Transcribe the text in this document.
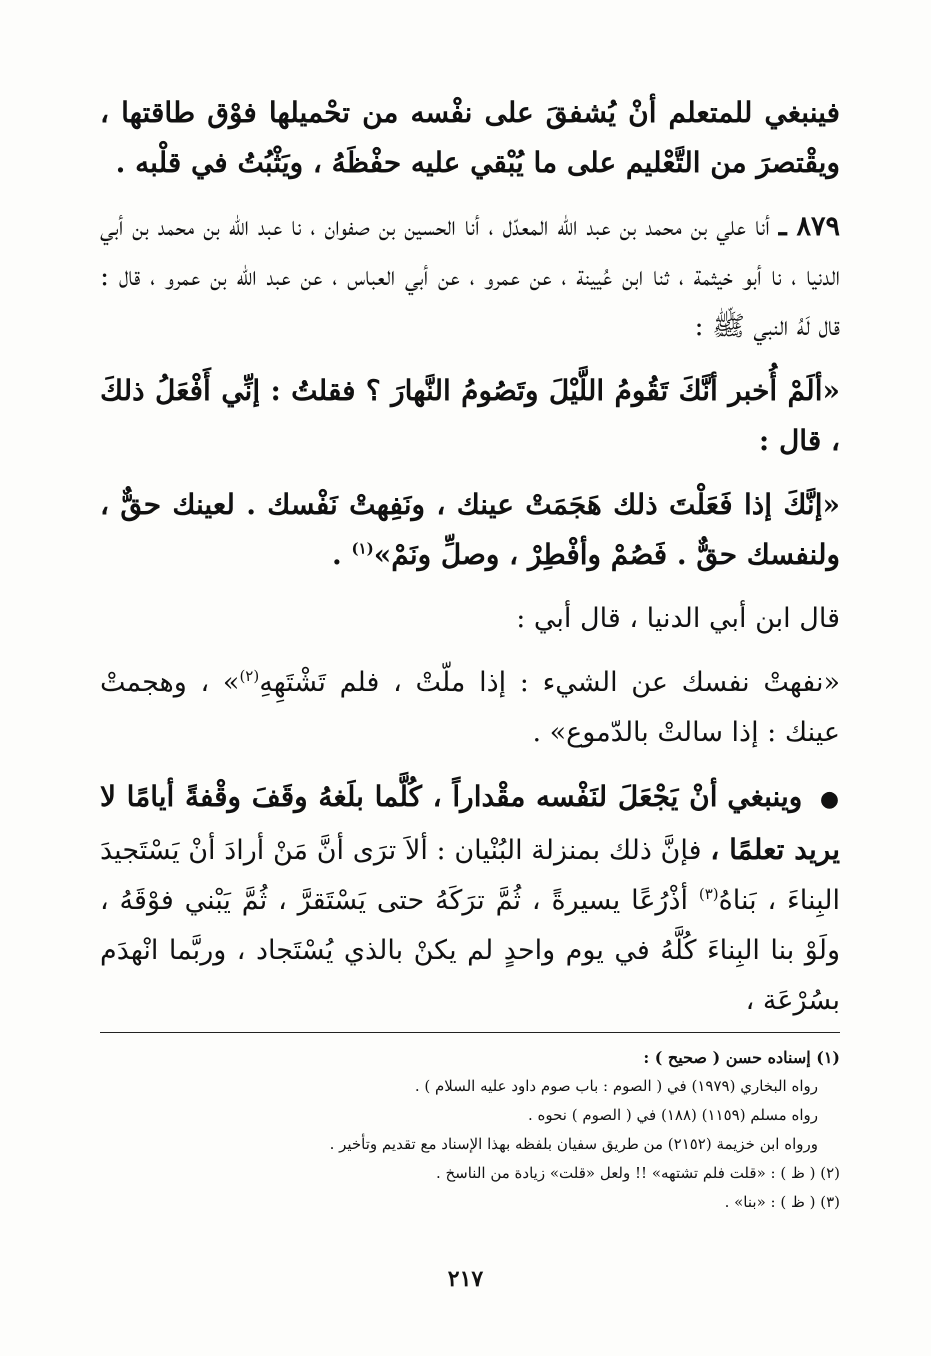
فينبغي للمتعلم أنْ يُشفقَ على نفْسه من تحْميلها فوْق طاقتها ، ويقْتصرَ من التَّعْليم على ما يُبْقي عليه حفْظَهُ ، ويَثْبُتُ في قلْبه .

٨٧٩ ـ أنا علي بن محمد بن عبد الله المعدّل ، أنا الحسين بن صفوان ، نا عبد الله بن محمد بن أبي الدنيا ، نا أبو خيثمة ، ثنا ابن عُيينة ، عن عمرو ، عن أبي العباس ، عن عبد الله بن عمرو ، قال : قال لَهُ النبي ﷺ :

«ألَمْ أُخبر أنَّكَ تَقُومُ اللَّيْلَ وتَصُومُ النَّهارَ ؟ فقلتُ : إنِّي أَفْعَلُ ذلكَ ، قال :

«إنَّكَ إذا فَعَلْتَ ذلك هَجَمَتْ عينك ، ونَفِهتْ نَفْسك . لعينك حقٌّ ، ولنفسك حقٌّ . فَصُمْ وأفْطِرْ ، وصلِّ ونَمْ»$^{(١)}$ .

قال ابن أبي الدنيا ، قال أبي :

«نفهتْ نفسك عن الشيء : إذا ملّتْ ، فلم تَشْتَهِهِ$^{(٢)}$» ، وهجمتْ عينك : إذا سالتْ بالدّموع» .

● وينبغي أنْ يَجْعَلَ لنَفْسه مقْداراً ، كُلَّما بلَغهُ وقَفَ وقْفةً أيامًا لا يريد تعلمًا ، فإنَّ ذلك بمنزلة البُنْيان : ألاَ ترَى أنَّ مَنْ أرادَ أنْ يَسْتَجيدَ البِناءَ ، بَناهُ$^{(٣)}$ أذْرُعًا يسيرةً ، ثُمَّ ترَكَهُ حتى يَسْتَقرَّ ، ثُمَّ يَبْني فوْقَهُ ، ولَوْ بنا البِناءَ كُلَّهُ في يوم واحدٍ لم يكنْ بالذي يُسْتَجاد ، وربَّما انْهدَم بسُرْعَة ،

(١) إسناده حسن ( صحيح ) :

رواه البخاري (١٩٧٩) في ( الصوم : باب صوم داود عليه السلام ) .

رواه مسلم (١١٥٩) (١٨٨) في ( الصوم ) نحوه .

ورواه ابن خزيمة (٢١٥٢) من طريق سفيان بلفظه بهذا الإسناد مع تقديم وتأخير .

(٢) ( ظ ) : «قلت فلم تشتهه» !! ولعل «قلت» زيادة من الناسخ .

(٣) ( ظ ) : «بنا» .

٢١٧
